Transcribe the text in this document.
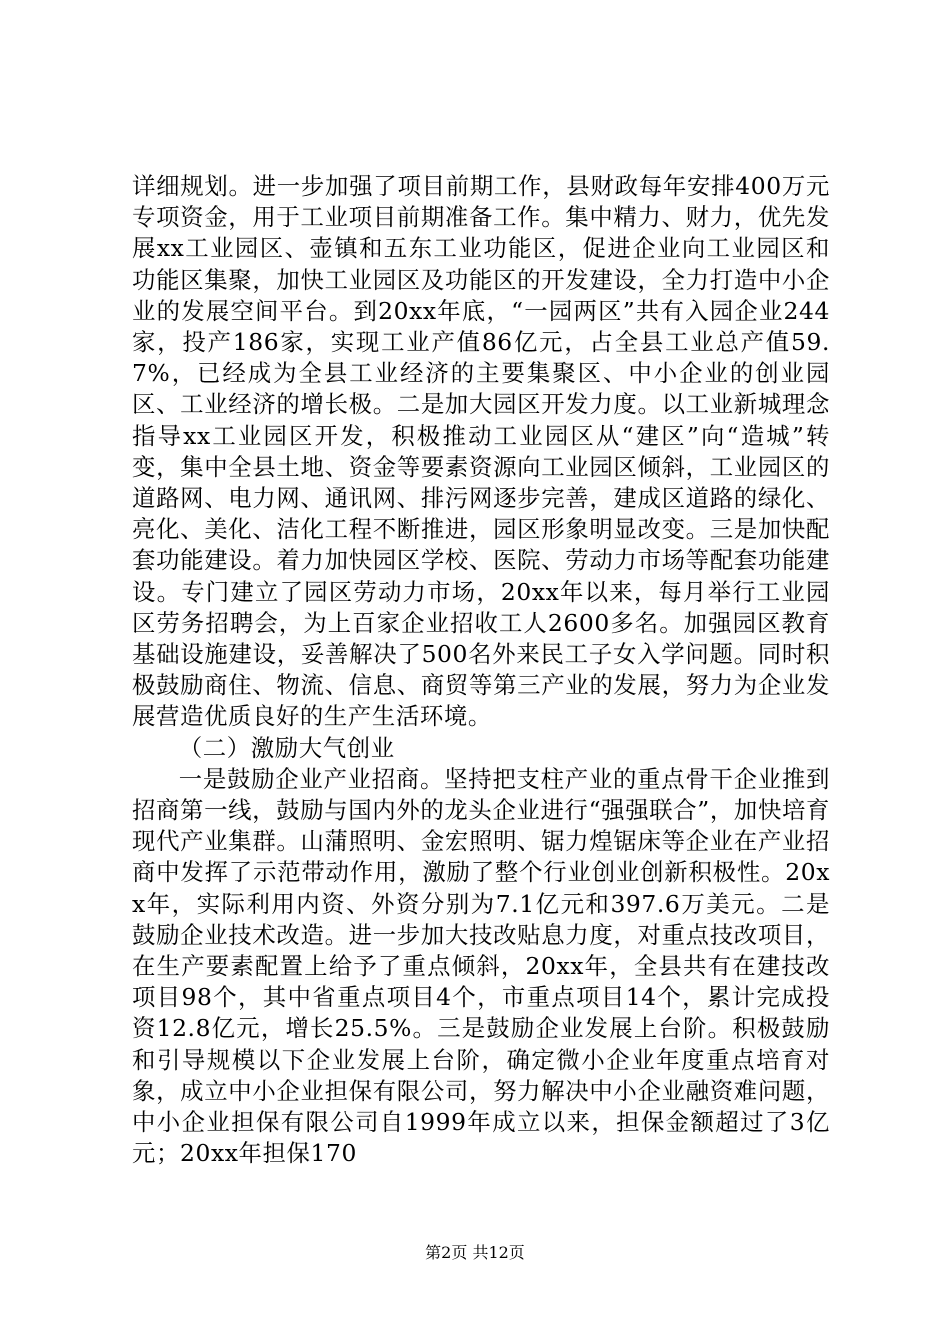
详细规划。进一步加强了项目前期工作，县财政每年安排400万元专项资金，用于工业项目前期准备工作。集中精力、财力，优先发展xx工业园区、壶镇和五东工业功能区，促进企业向工业园区和功能区集聚，加快工业园区及功能区的开发建设，全力打造中小企业的发展空间平台。到20xx年底，“一园两区”共有入园企业244家，投产186家，实现工业产值86亿元，占全县工业总产值59.7%，已经成为全县工业经济的主要集聚区、中小企业的创业园区、工业经济的增长极。二是加大园区开发力度。以工业新城理念指导xx工业园区开发，积极推动工业园区从“建区”向“造城”转变，集中全县土地、资金等要素资源向工业园区倾斜，工业园区的道路网、电力网、通讯网、排污网逐步完善，建成区道路的绿化、亮化、美化、洁化工程不断推进，园区形象明显改变。三是加快配套功能建设。着力加快园区学校、医院、劳动力市场等配套功能建设。专门建立了园区劳动力市场，20xx年以来，每月举行工业园区劳务招聘会，为上百家企业招收工人2600多名。加强园区教育基础设施建设，妥善解决了500名外来民工子女入学问题。同时积极鼓励商住、物流、信息、商贸等第三产业的发展，努力为企业发展营造优质良好的生产生活环境。

（二）激励大气创业

一是鼓励企业产业招商。坚持把支柱产业的重点骨干企业推到招商第一线，鼓励与国内外的龙头企业进行“强强联合”，加快培育现代产业集群。山蒲照明、金宏照明、锯力煌锯床等企业在产业招商中发挥了示范带动作用，激励了整个行业创业创新积极性。20xx年，实际利用内资、外资分别为7.1亿元和397.6万美元。二是鼓励企业技术改造。进一步加大技改贴息力度，对重点技改项目，在生产要素配置上给予了重点倾斜，20xx年，全县共有在建技改项目98个，其中省重点项目4个，市重点项目14个，累计完成投资12.8亿元，增长25.5%。三是鼓励企业发展上台阶。积极鼓励和引导规模以下企业发展上台阶，确定微小企业年度重点培育对象，成立中小企业担保有限公司，努力解决中小企业融资难问题，中小企业担保有限公司自1999年成立以来，担保金额超过了3亿元；20xx年担保170

第2页 共12页
